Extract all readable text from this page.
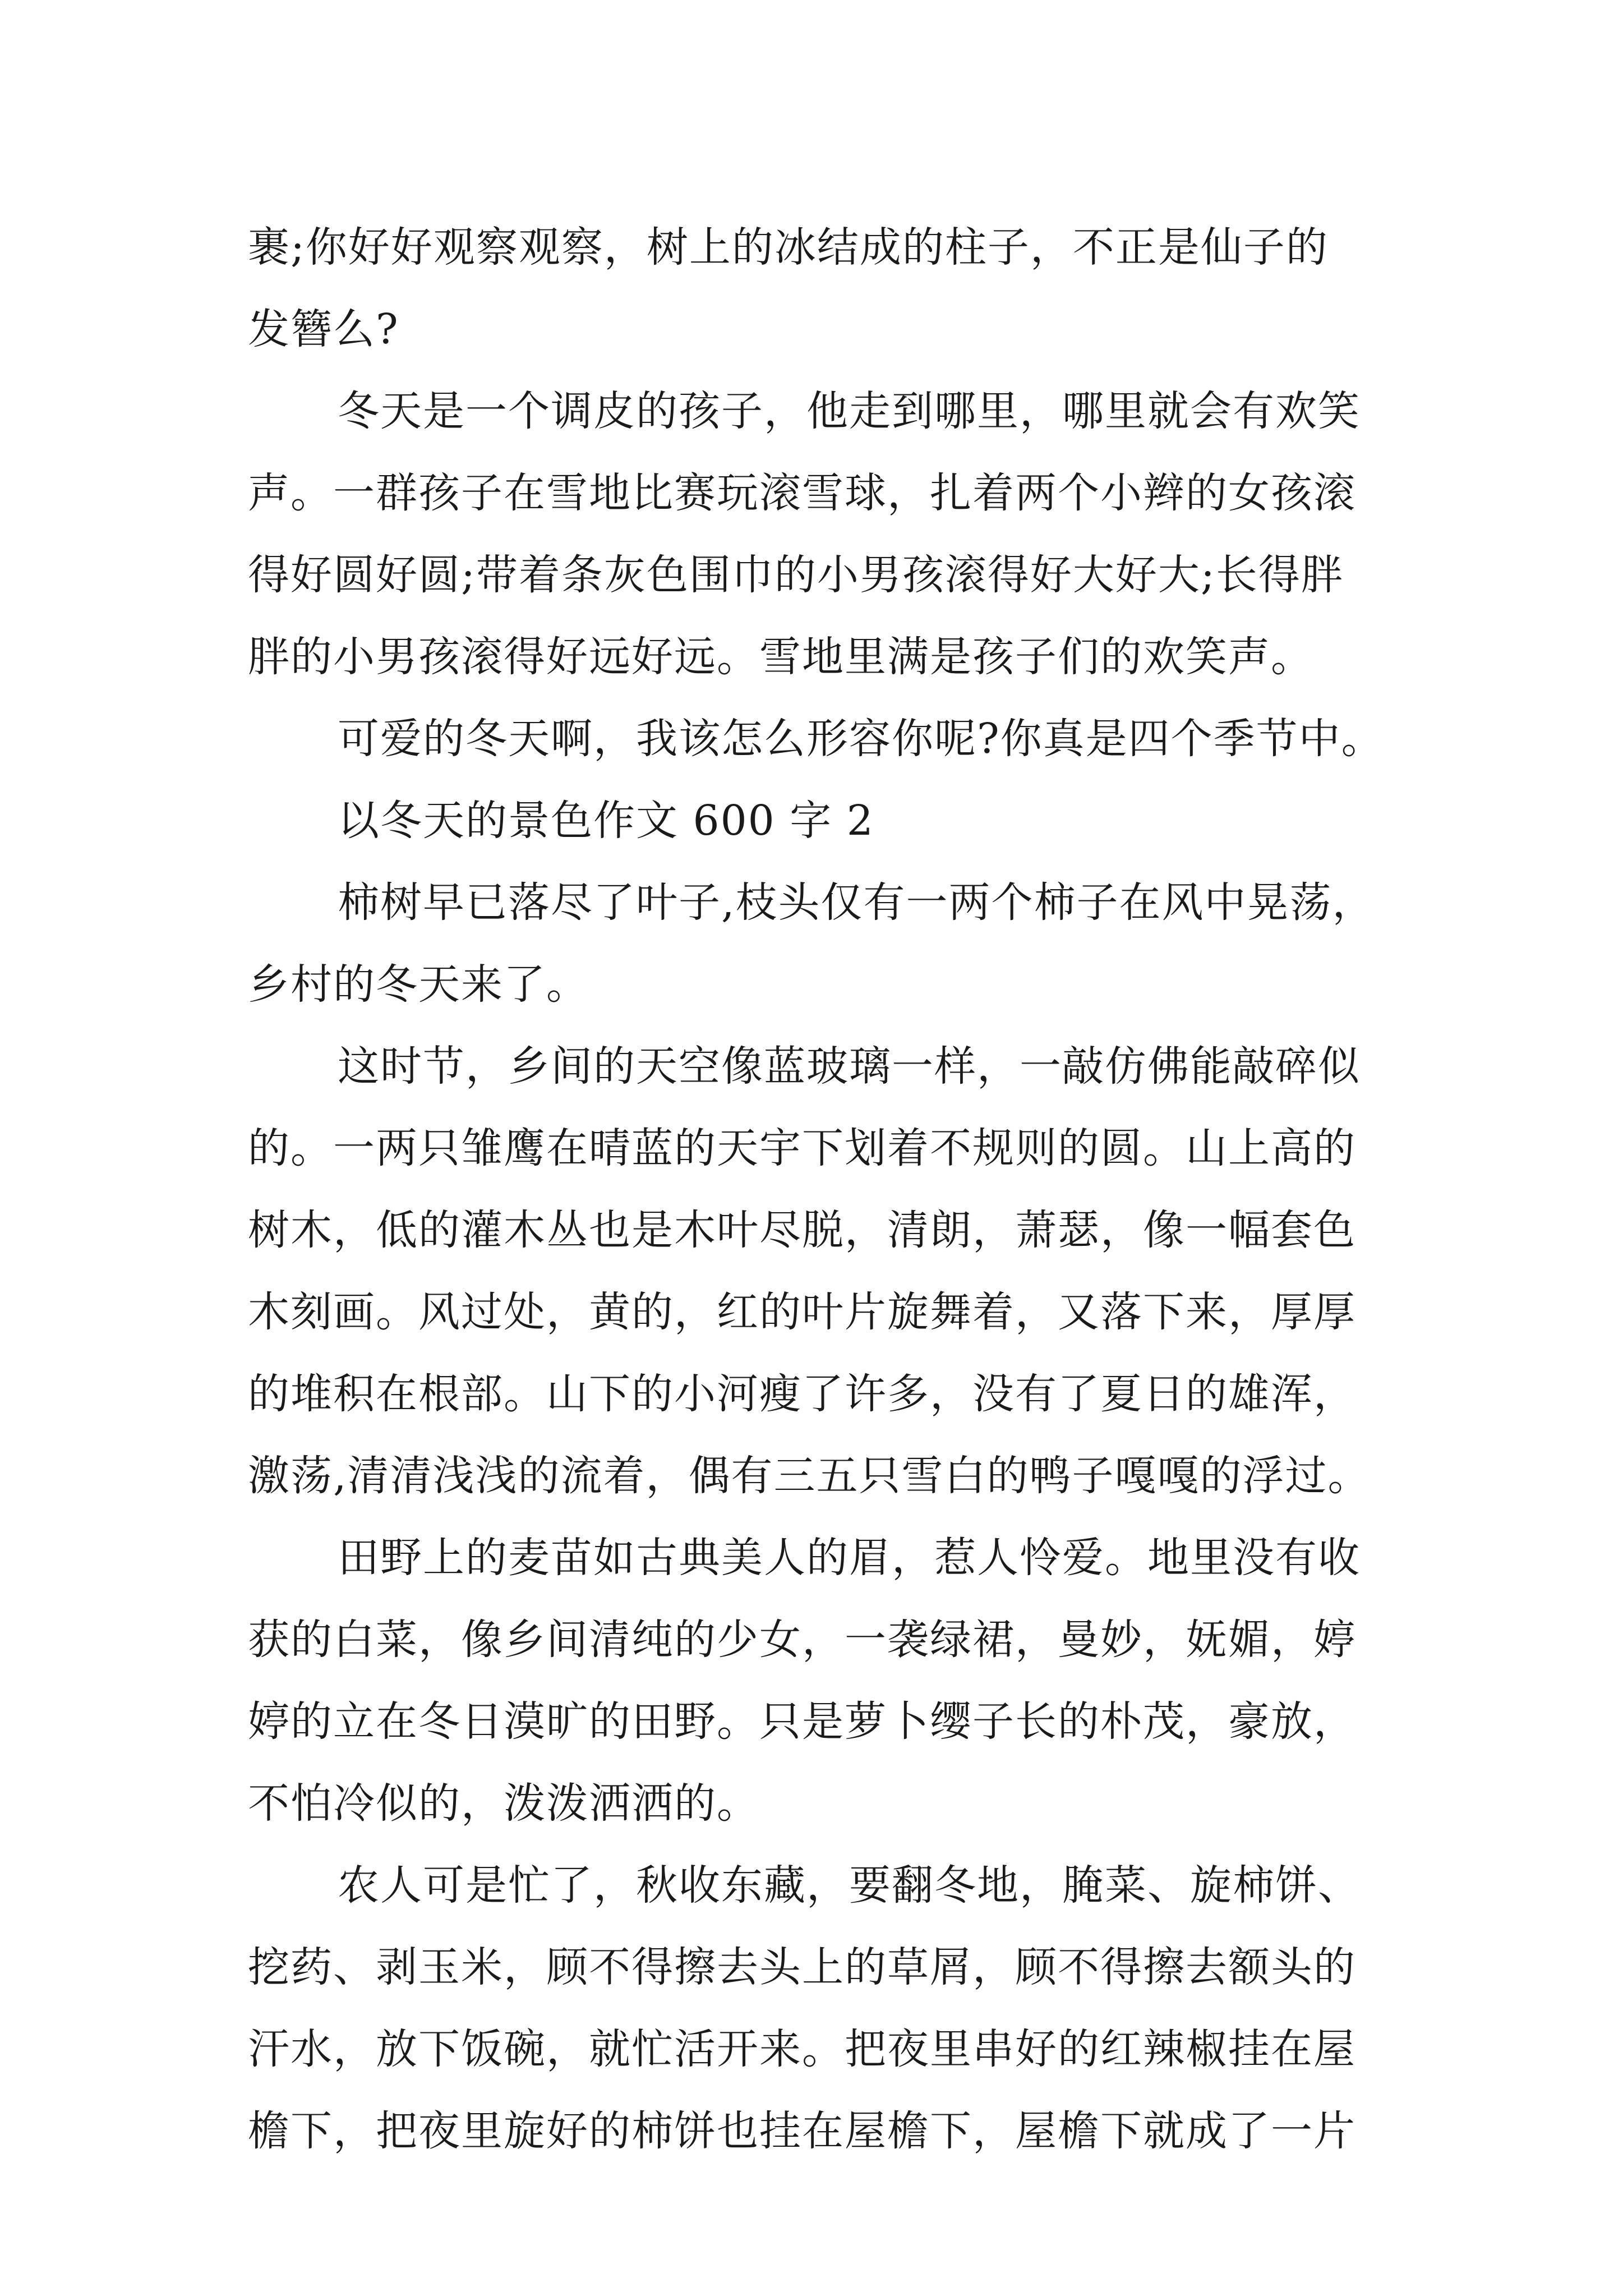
裹;你好好观察观察，树上的冰结成的柱子，不正是仙子的
发簪么?
冬天是一个调皮的孩子，他走到哪里，哪里就会有欢笑
声。一群孩子在雪地比赛玩滚雪球，扎着两个小辫的女孩滚
得好圆好圆;带着条灰色围巾的小男孩滚得好大好大;长得胖
胖的小男孩滚得好远好远。雪地里满是孩子们的欢笑声。
可爱的冬天啊，我该怎么形容你呢?你真是四个季节中。
以冬天的景色作文 600 字 2
柿树早已落尽了叶子,枝头仅有一两个柿子在风中晃荡，
乡村的冬天来了。
这时节，乡间的天空像蓝玻璃一样，一敲仿佛能敲碎似
的。一两只雏鹰在晴蓝的天宇下划着不规则的圆。山上高的
树木，低的灌木丛也是木叶尽脱，清朗，萧瑟，像一幅套色
木刻画。风过处，黄的，红的叶片旋舞着，又落下来，厚厚
的堆积在根部。山下的小河瘦了许多，没有了夏日的雄浑，
激荡,清清浅浅的流着，偶有三五只雪白的鸭子嘎嘎的浮过。
田野上的麦苗如古典美人的眉，惹人怜爱。地里没有收
获的白菜，像乡间清纯的少女，一袭绿裙，曼妙，妩媚，婷
婷的立在冬日漠旷的田野。只是萝卜缨子长的朴茂，豪放，
不怕冷似的，泼泼洒洒的。
农人可是忙了，秋收东藏，要翻冬地，腌菜、旋柿饼、
挖药、剥玉米，顾不得擦去头上的草屑，顾不得擦去额头的
汗水，放下饭碗，就忙活开来。把夜里串好的红辣椒挂在屋
檐下，把夜里旋好的柿饼也挂在屋檐下，屋檐下就成了一片
